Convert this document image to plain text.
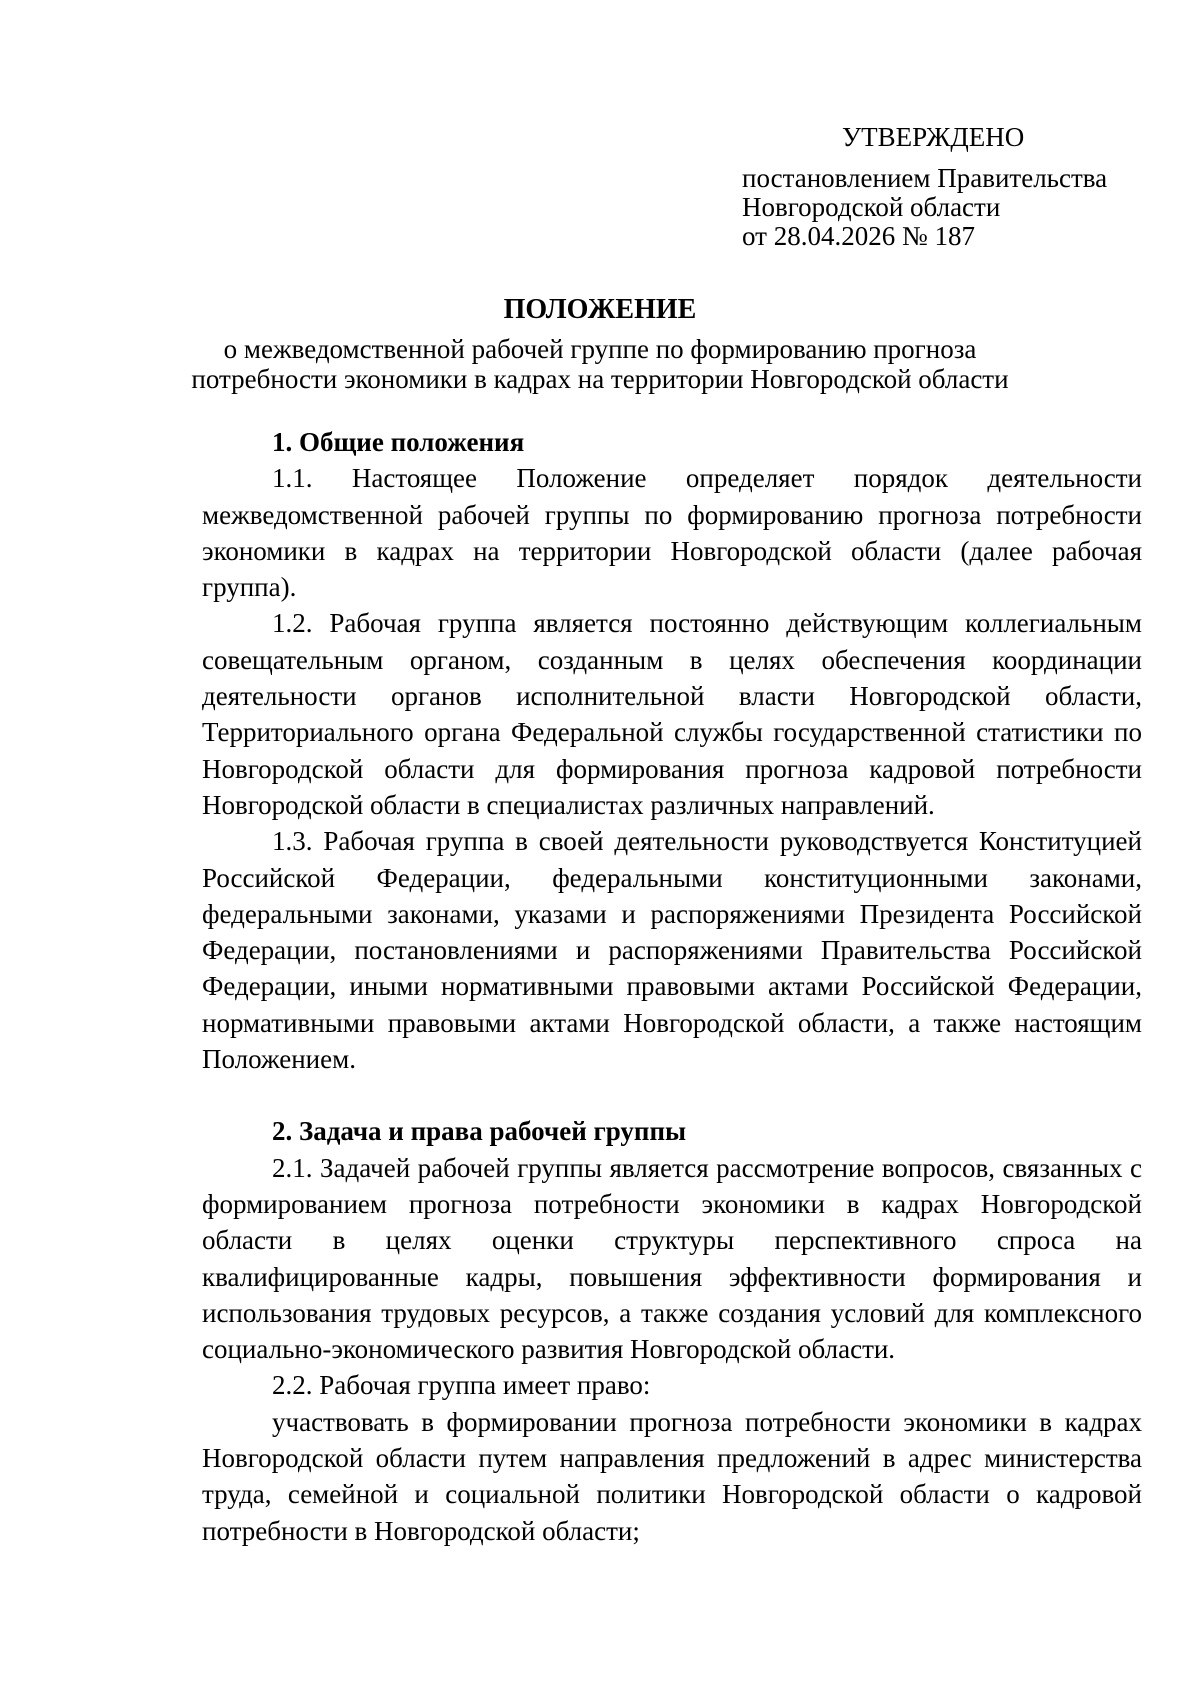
УТВЕРЖДЕНО
постановлением Правительства
Новгородской области
от 28.04.2026 № 187
ПОЛОЖЕНИЕ
о межведомственной рабочей группе по формированию прогноза
потребности экономики в кадрах на территории Новгородской области
1. Общие положения

1.1. Настоящее Положение определяет порядок деятельности межведомственной рабочей группы по формированию прогноза потребности экономики в кадрах на территории Новгородской области (далее рабочая группа).

1.2. Рабочая группа является постоянно действующим коллегиальным совещательным органом, созданным в целях обеспечения координации деятельности органов исполнительной власти Новгородской области, Территориального органа Федеральной службы государственной статистики по Новгородской области для формирования прогноза кадровой потребности Новгородской области в специалистах различных направлений.

1.3. Рабочая группа в своей деятельности руководствуется Конституцией Российской Федерации, федеральными конституционными законами, федеральными законами, указами и распоряжениями Президента Российской Федерации, постановлениями и распоряжениями Правительства Российской Федерации, иными нормативными правовыми актами Российской Федерации, нормативными правовыми актами Новгородской области, а также настоящим Положением.

2. Задача и права рабочей группы

2.1. Задачей рабочей группы является рассмотрение вопросов, связанных с формированием прогноза потребности экономики в кадрах Новгородской области в целях оценки структуры перспективного спроса на квалифицированные кадры, повышения эффективности формирования и использования трудовых ресурсов, а также создания условий для комплексного социально-экономического развития Новгородской области.

2.2. Рабочая группа имеет право:

участвовать в формировании прогноза потребности экономики в кадрах Новгородской области путем направления предложений в адрес министерства труда, семейной и социальной политики Новгородской области о кадровой потребности в Новгородской области;
